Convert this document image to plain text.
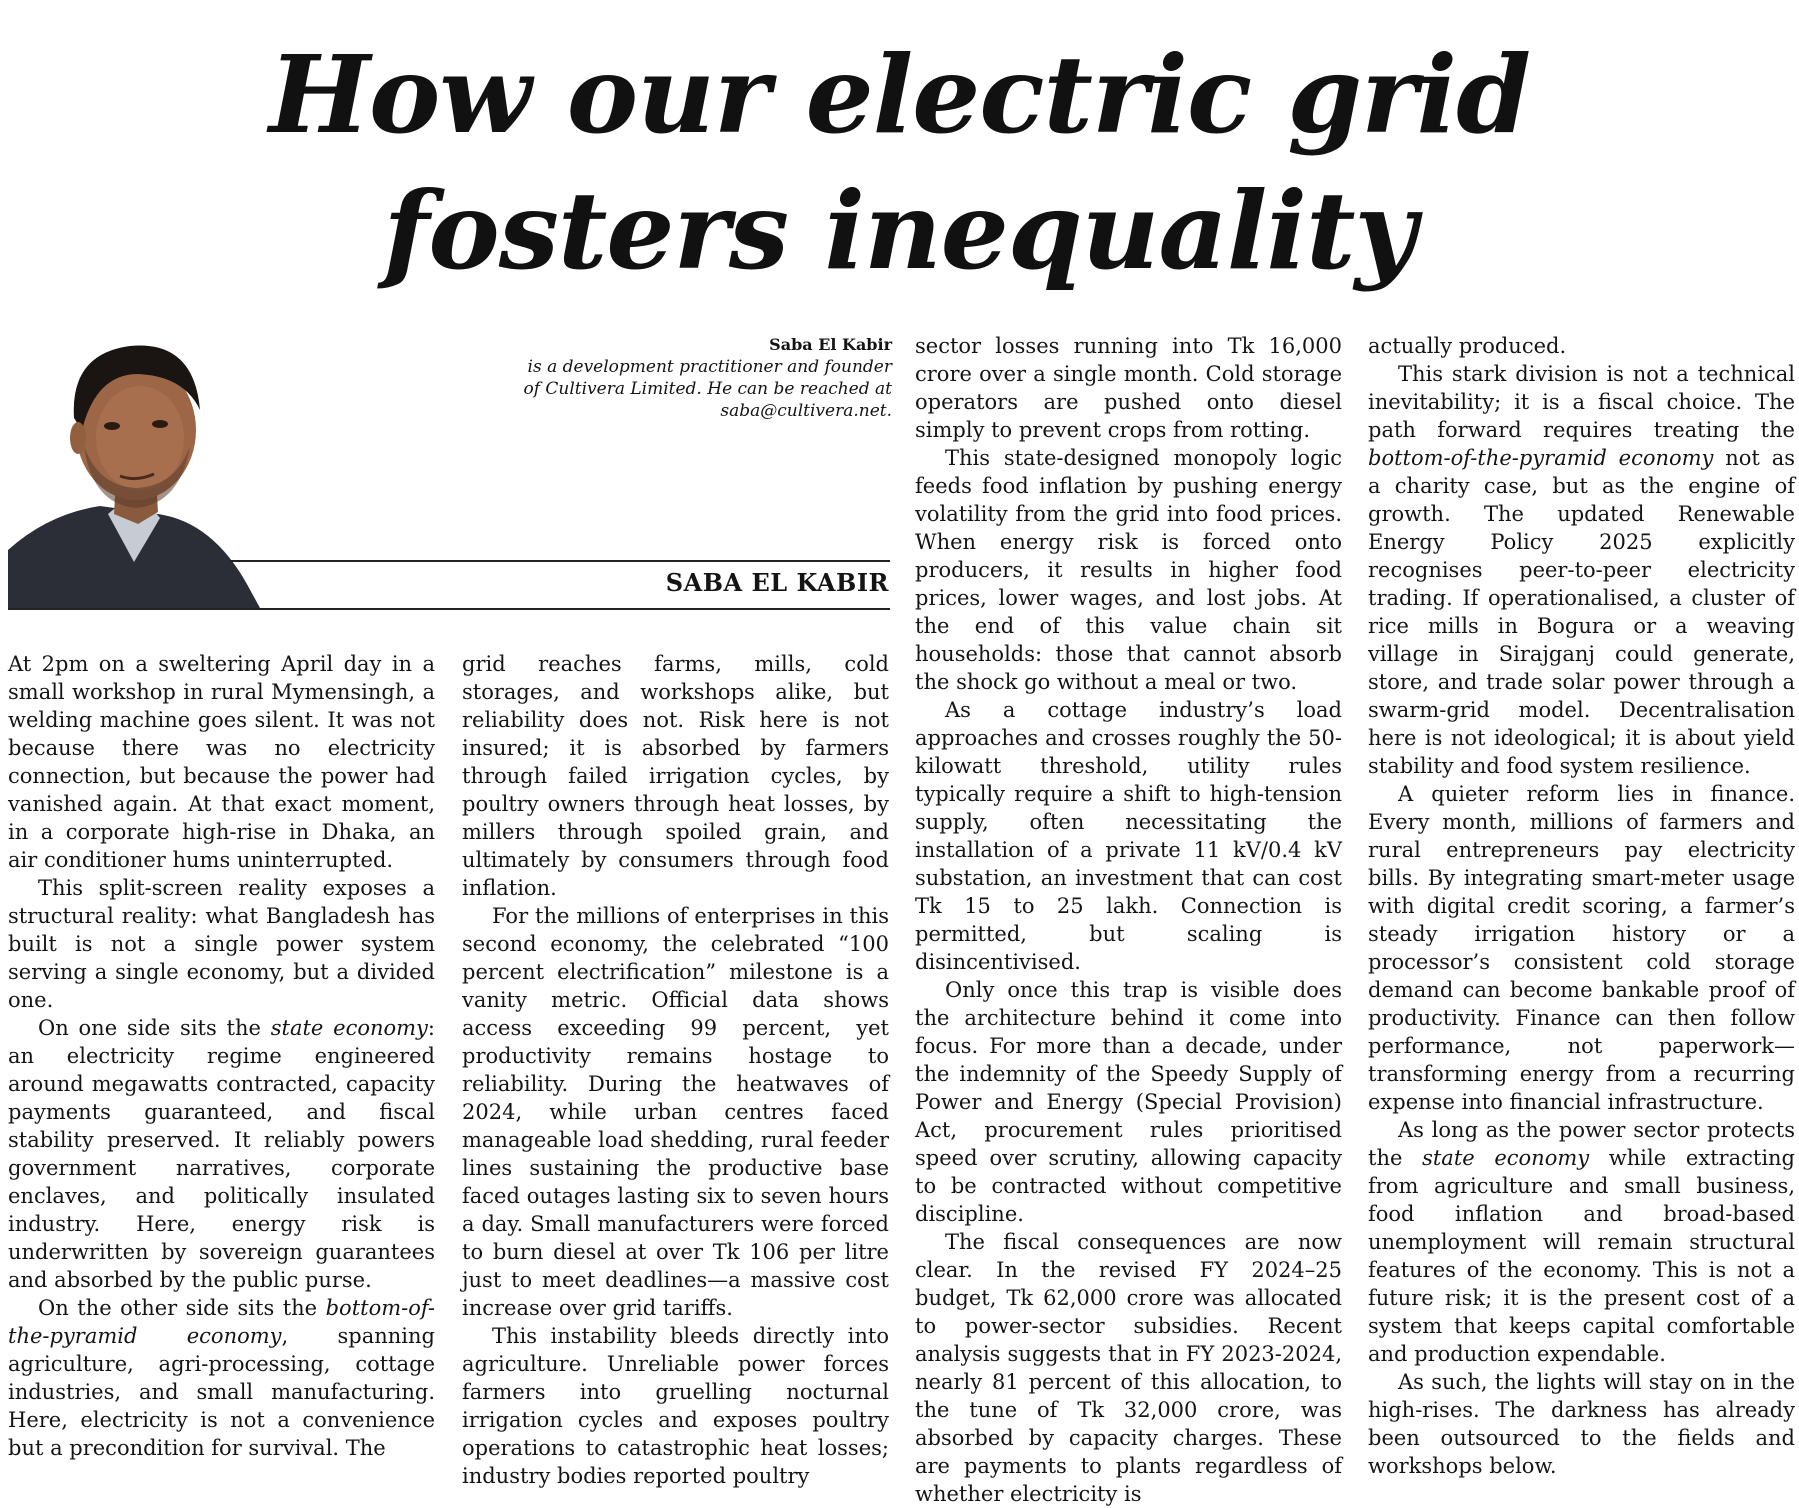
How our electric grid
fosters inequality
Saba El Kabir
is a development practitioner and founder
of Cultivera Limited. He can be reached at
saba@cultivera.net.
SABA EL KABIR

At 2pm on a sweltering April day in a small workshop in rural Mymensingh, a welding machine goes silent. It was not because there was no electricity connection, but because the power had vanished again. At that exact moment, in a corporate high-rise in Dhaka, an air conditioner hums uninterrupted.

This split-screen reality exposes a structural reality: what Bangladesh has built is not a single power system serving a single economy, but a divided one.

On one side sits the state economy: an electricity regime engineered around megawatts contracted, capacity payments guaranteed, and fiscal stability preserved. It reliably powers government narratives, corporate enclaves, and politically insulated industry. Here, energy risk is underwritten by sovereign guarantees and absorbed by the public purse.

On the other side sits the bottom-of-the-pyramid economy, spanning agriculture, agri-processing, cottage industries, and small manufacturing. Here, electricity is not a convenience but a precondition for survival. The

grid reaches farms, mills, cold storages, and workshops alike, but reliability does not. Risk here is not insured; it is absorbed by farmers through failed irrigation cycles, by poultry owners through heat losses, by millers through spoiled grain, and ultimately by consumers through food inflation.

For the millions of enterprises in this second economy, the celebrated “100 percent electrification” milestone is a vanity metric. Official data shows access exceeding 99 percent, yet productivity remains hostage to reliability. During the heatwaves of 2024, while urban centres faced manageable load shedding, rural feeder lines sustaining the productive base faced outages lasting six to seven hours a day. Small manufacturers were forced to burn diesel at over Tk 106 per litre just to meet deadlines—a massive cost increase over grid tariffs.

This instability bleeds directly into agriculture. Unreliable power forces farmers into gruelling nocturnal irrigation cycles and exposes poultry operations to catastrophic heat losses; industry bodies reported poultry

sector losses running into Tk 16,000 crore over a single month. Cold storage operators are pushed onto diesel simply to prevent crops from rotting.

This state-designed monopoly logic feeds food inflation by pushing energy volatility from the grid into food prices. When energy risk is forced onto producers, it results in higher food prices, lower wages, and lost jobs. At the end of this value chain sit households: those that cannot absorb the shock go without a meal or two.

As a cottage industry’s load approaches and crosses roughly the 50-kilowatt threshold, utility rules typically require a shift to high-tension supply, often necessitating the installation of a private 11 kV/0.4 kV substation, an investment that can cost Tk 15 to 25 lakh. Connection is permitted, but scaling is disincentivised.

Only once this trap is visible does the architecture behind it come into focus. For more than a decade, under the indemnity of the Speedy Supply of Power and Energy (Special Provision) Act, procurement rules prioritised speed over scrutiny, allowing capacity to be contracted without competitive discipline.

The fiscal consequences are now clear. In the revised FY 2024–25 budget, Tk 62,000 crore was allocated to power-sector subsidies. Recent analysis suggests that in FY 2023-2024, nearly 81 percent of this allocation, to the tune of Tk 32,000 crore, was absorbed by capacity charges. These are payments to plants regardless of whether electricity is

actually produced.

This stark division is not a technical inevitability; it is a fiscal choice. The path forward requires treating the bottom-of-the-pyramid economy not as a charity case, but as the engine of growth. The updated Renewable Energy Policy 2025 explicitly recognises peer-to-peer electricity trading. If operationalised, a cluster of rice mills in Bogura or a weaving village in Sirajganj could generate, store, and trade solar power through a swarm-grid model. Decentralisation here is not ideological; it is about yield stability and food system resilience.

A quieter reform lies in finance. Every month, millions of farmers and rural entrepreneurs pay electricity bills. By integrating smart-meter usage with digital credit scoring, a farmer’s steady irrigation history or a processor’s consistent cold storage demand can become bankable proof of productivity. Finance can then follow performance, not paperwork—transforming energy from a recurring expense into financial infrastructure.

As long as the power sector protects the state economy while extracting from agriculture and small business, food inflation and broad-based unemployment will remain structural features of the economy. This is not a future risk; it is the present cost of a system that keeps capital comfortable and production expendable.

As such, the lights will stay on in the high-rises. The darkness has already been outsourced to the fields and workshops below.
